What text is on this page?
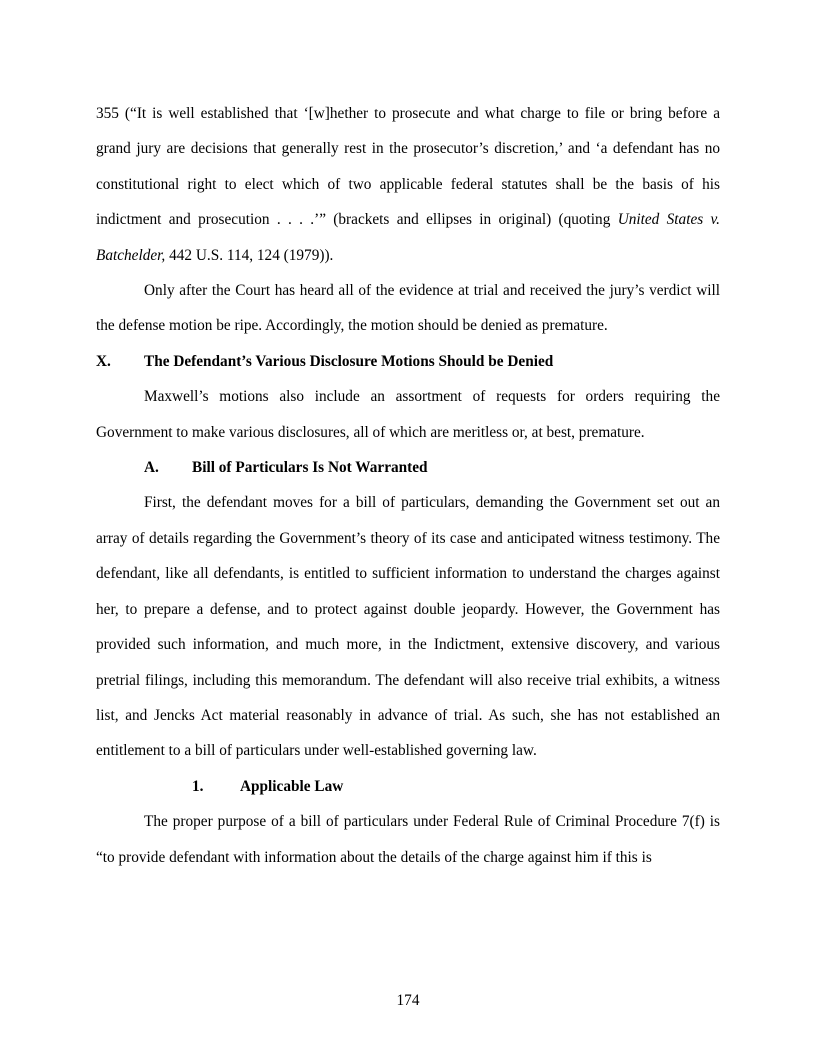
355 (“It is well established that ‘[w]hether to prosecute and what charge to file or bring before a grand jury are decisions that generally rest in the prosecutor’s discretion,’ and ‘a defendant has no constitutional right to elect which of two applicable federal statutes shall be the basis of his indictment and prosecution . . . .’” (brackets and ellipses in original) (quoting United States v. Batchelder, 442 U.S. 114, 124 (1979)).

Only after the Court has heard all of the evidence at trial and received the jury’s verdict will the defense motion be ripe. Accordingly, the motion should be denied as premature.

X.	The Defendant’s Various Disclosure Motions Should be Denied

Maxwell’s motions also include an assortment of requests for orders requiring the Government to make various disclosures, all of which are meritless or, at best, premature.

A.	Bill of Particulars Is Not Warranted

First, the defendant moves for a bill of particulars, demanding the Government set out an array of details regarding the Government’s theory of its case and anticipated witness testimony. The defendant, like all defendants, is entitled to sufficient information to understand the charges against her, to prepare a defense, and to protect against double jeopardy. However, the Government has provided such information, and much more, in the Indictment, extensive discovery, and various pretrial filings, including this memorandum. The defendant will also receive trial exhibits, a witness list, and Jencks Act material reasonably in advance of trial. As such, she has not established an entitlement to a bill of particulars under well-established governing law.

1.	Applicable Law

The proper purpose of a bill of particulars under Federal Rule of Criminal Procedure 7(f) is “to provide defendant with information about the details of the charge against him if this is

174
